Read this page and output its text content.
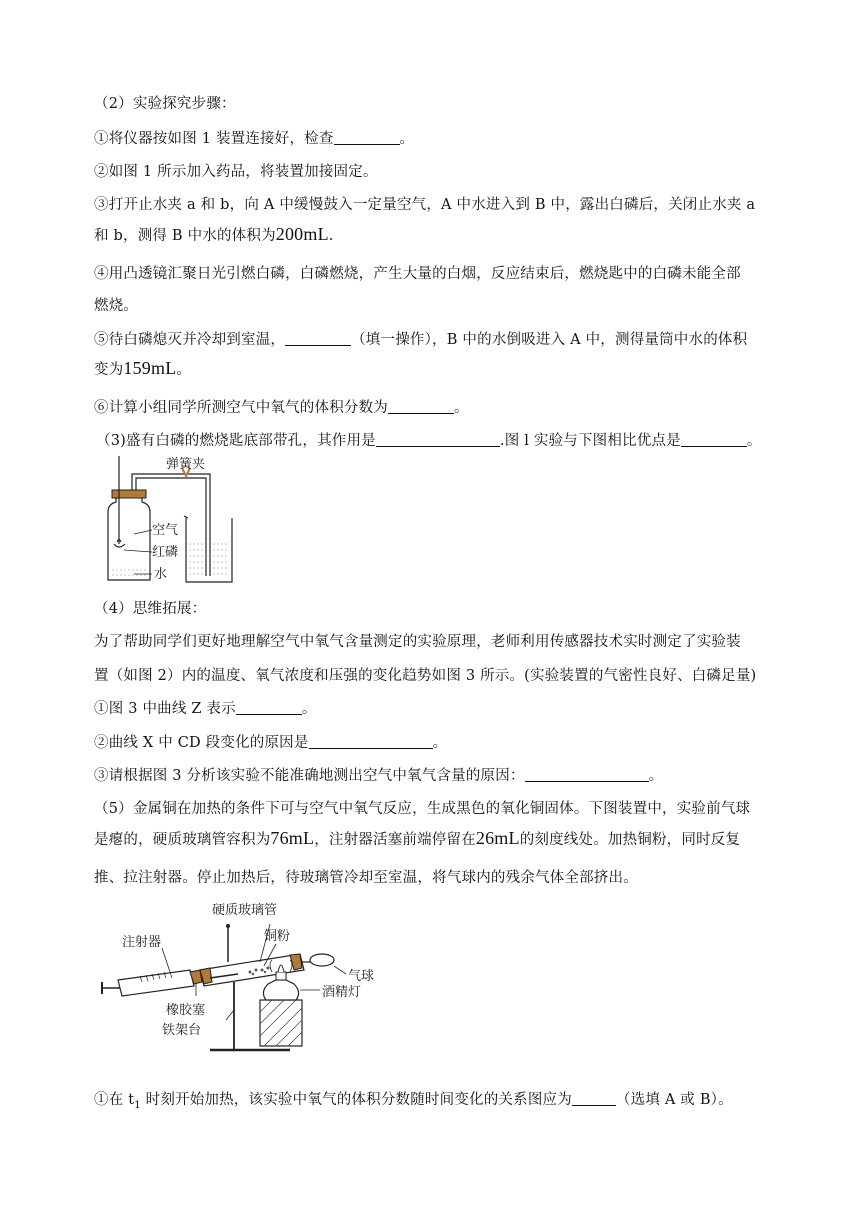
（2）实验探究步骤：
①将仪器按如图 1 装置连接好，检查	。
②如图 1 所示加入药品，将装置加接固定。
③打开止水夹 a 和 b，向 A 中缓慢鼓入一定量空气，A 中水进入到 B 中，露出白磷后，关闭止水夹 a
和 b，测得 B 中水的体积为200mL.
④用凸透镜汇聚日光引燃白磷，白磷燃烧，产生大量的白烟，反应结束后，燃烧匙中的白磷未能全部
燃烧。
⑤待白磷熄灭并冷却到室温，	（填一操作），B 中的水倒吸进入 A 中，测得量筒中水的体积
变为159mL。
⑥计算小组同学所测空气中氧气的体积分数为	。
（3)盛有白磷的燃烧匙底部带孔，其作用是	.图 l 实验与下图相比优点是	。
弹簧夹
空气
红磷
水
（4）思维拓展：
为了帮助同学们更好地理解空气中氧气含量测定的实验原理，老师利用传感器技术实时测定了实验装
置（如图 2）内的温度、氧气浓度和压强的变化趋势如图 3 所示。(实验装置的气密性良好、白磷足量)
①图 3 中曲线 Z 表示	。
②曲线 X 中 CD 段变化的原因是	。
③请根据图 3 分析该实验不能准确地测出空气中氧气含量的原因：	。
（5）金属铜在加热的条件下可与空气中氧气反应，生成黑色的氧化铜固体。下图装置中，实验前气球
是瘪的，硬质玻璃管容积为76mL，注射器活塞前端停留在26mL的刻度线处。加热铜粉，同时反复
推、拉注射器。停止加热后，待玻璃管冷却至室温，将气球内的残余气体全部挤出。
硬质玻璃管
注射器	铜粉
气球
橡胶塞
酒精灯
铁架台
①在 $t_1$ 时刻开始加热，该实验中氧气的体积分数随时间变化的关系图应为	（选填 A 或 B）。
